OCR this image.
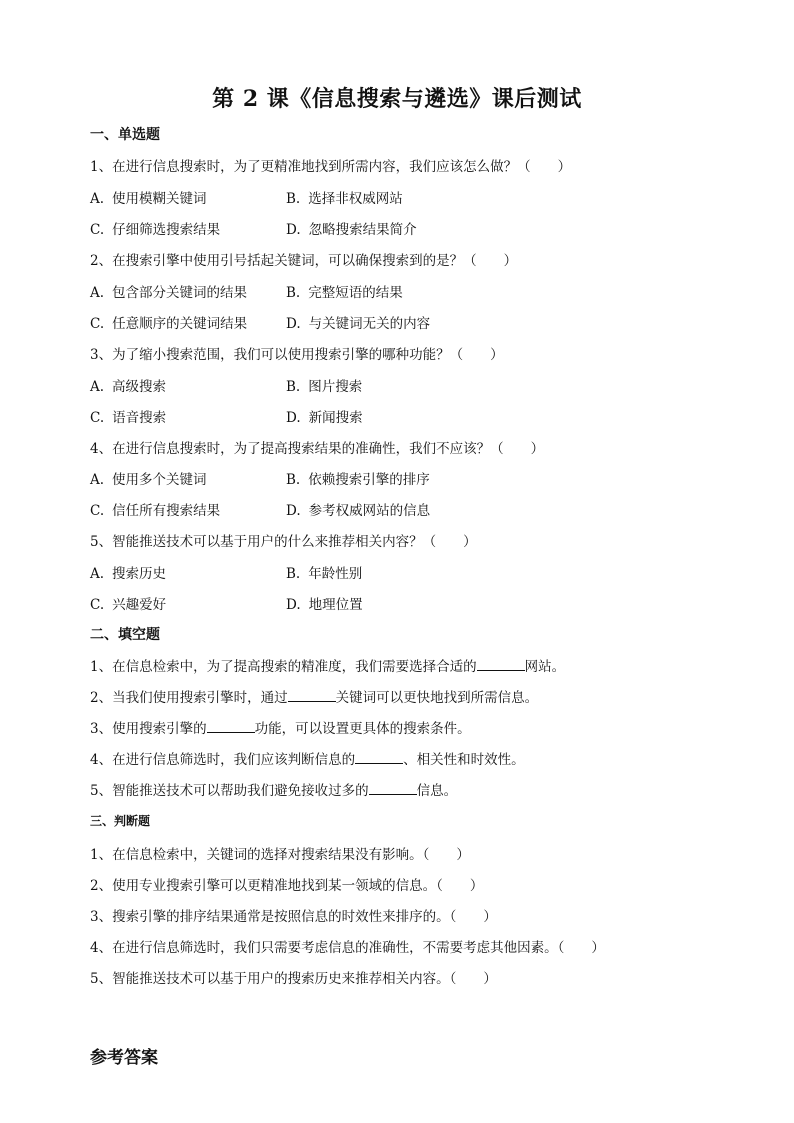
第 2 课《信息搜索与遴选》课后测试
一、单选题
1、在进行信息搜索时，为了更精准地找到所需内容，我们应该怎么做？（　　）
A. 使用模糊关键词	B. 选择非权威网站
C. 仔细筛选搜索结果	D. 忽略搜索结果简介
2、在搜索引擎中使用引号括起关键词，可以确保搜索到的是？（　　）
A. 包含部分关键词的结果	B. 完整短语的结果
C. 任意顺序的关键词结果	D. 与关键词无关的内容
3、为了缩小搜索范围，我们可以使用搜索引擎的哪种功能？（　　）
A. 高级搜索	B. 图片搜索
C. 语音搜索	D. 新闻搜索
4、在进行信息搜索时，为了提高搜索结果的准确性，我们不应该？（　　）
A. 使用多个关键词	B. 依赖搜索引擎的排序
C. 信任所有搜索结果	D. 参考权威网站的信息
5、智能推送技术可以基于用户的什么来推荐相关内容？（　　）
A. 搜索历史	B. 年龄性别
C. 兴趣爱好	D. 地理位置
二、填空题
1、在信息检索中，为了提高搜索的精准度，我们需要选择合适的	网站。
2、当我们使用搜索引擎时，通过	关键词可以更快地找到所需信息。
3、使用搜索引擎的	功能，可以设置更具体的搜索条件。
4、在进行信息筛选时，我们应该判断信息的	、相关性和时效性。
5、智能推送技术可以帮助我们避免接收过多的	信息。
三、判断题
1、在信息检索中，关键词的选择对搜索结果没有影响。（　　）
2、使用专业搜索引擎可以更精准地找到某一领域的信息。（　　）
3、搜索引擎的排序结果通常是按照信息的时效性来排序的。（　　）
4、在进行信息筛选时，我们只需要考虑信息的准确性，不需要考虑其他因素。（　　）
5、智能推送技术可以基于用户的搜索历史来推荐相关内容。（　　）
参考答案
